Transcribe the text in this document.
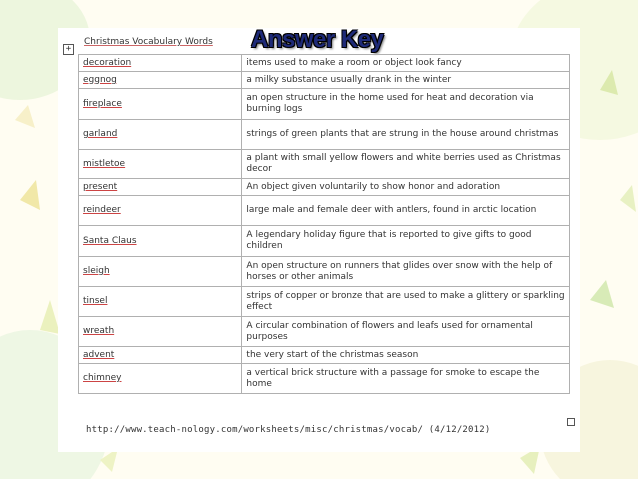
+
Christmas Vocabulary Words Answer Key
decoration	items used to make a room or object look fancy
eggnog	a milky substance usually drank in the winter
fireplace	an open structure in the home used for heat and decoration via burning logs
garland	strings of green plants that are strung in the house around christmas
mistletoe	a plant with small yellow flowers and white berries used as Christmas decor
present	An object given voluntarily to show honor and adoration
reindeer	large male and female deer with antlers, found in arctic location
Santa Claus	A legendary holiday figure that is reported to give gifts to good children
sleigh	An open structure on runners that glides over snow with the help of horses or other animals
tinsel	strips of copper or bronze that are used to make a glittery or sparkling effect
wreath	A circular combination of flowers and leafs used for ornamental purposes
advent	the very start of the christmas season
chimney	a vertical brick structure with a passage for smoke to escape the home
http://www.teach-nology.com/worksheets/misc/christmas/vocab/ (4/12/2012)
